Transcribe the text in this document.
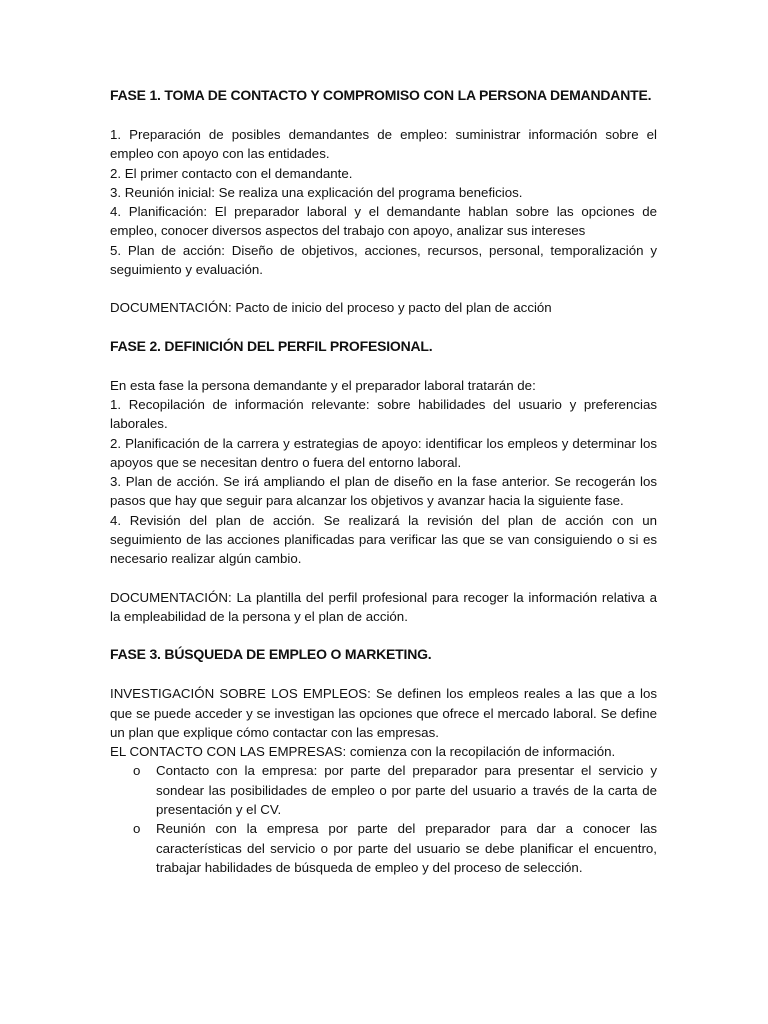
FASE 1. TOMA DE CONTACTO Y COMPROMISO CON LA PERSONA DEMANDANTE.

1. Preparación de posibles demandantes de empleo: suministrar información sobre el empleo con apoyo con las entidades.

2. El primer contacto con el demandante.

3. Reunión inicial: Se realiza una explicación del programa beneficios.

4. Planificación: El preparador laboral y el demandante hablan sobre las opciones de empleo, conocer diversos aspectos del trabajo con apoyo, analizar sus intereses

5. Plan de acción: Diseño de objetivos, acciones, recursos, personal, temporalización y seguimiento y evaluación.

DOCUMENTACIÓN: Pacto de inicio del proceso y pacto del plan de acción

FASE 2. DEFINICIÓN DEL PERFIL PROFESIONAL.

En esta fase la persona demandante y el preparador laboral tratarán de:

1. Recopilación de información relevante: sobre habilidades del usuario y preferencias laborales.

2. Planificación de la carrera y estrategias de apoyo: identificar los empleos y determinar los apoyos que se necesitan dentro o fuera del entorno laboral.

3. Plan de acción. Se irá ampliando el plan de diseño en la fase anterior. Se recogerán los pasos que hay que seguir para alcanzar los objetivos y avanzar hacia la siguiente fase.

4. Revisión del plan de acción. Se realizará la revisión del plan de acción con un seguimiento de las acciones planificadas para verificar las que se van consiguiendo o si es necesario realizar algún cambio.

DOCUMENTACIÓN: La plantilla del perfil profesional para recoger la información relativa a la empleabilidad de la persona y el plan de acción.

FASE 3. BÚSQUEDA DE EMPLEO O MARKETING.

INVESTIGACIÓN SOBRE LOS EMPLEOS: Se definen los empleos reales a las que a los que se puede acceder y se investigan las opciones que ofrece el mercado laboral. Se define un plan que explique cómo contactar con las empresas.

EL CONTACTO CON LAS EMPRESAS: comienza con la recopilación de información.

o Contacto con la empresa: por parte del preparador para presentar el servicio y sondear las posibilidades de empleo o por parte del usuario a través de la carta de presentación y el CV.
o Reunión con la empresa por parte del preparador para dar a conocer las características del servicio o por parte del usuario se debe planificar el encuentro, trabajar habilidades de búsqueda de empleo y del proceso de selección.
